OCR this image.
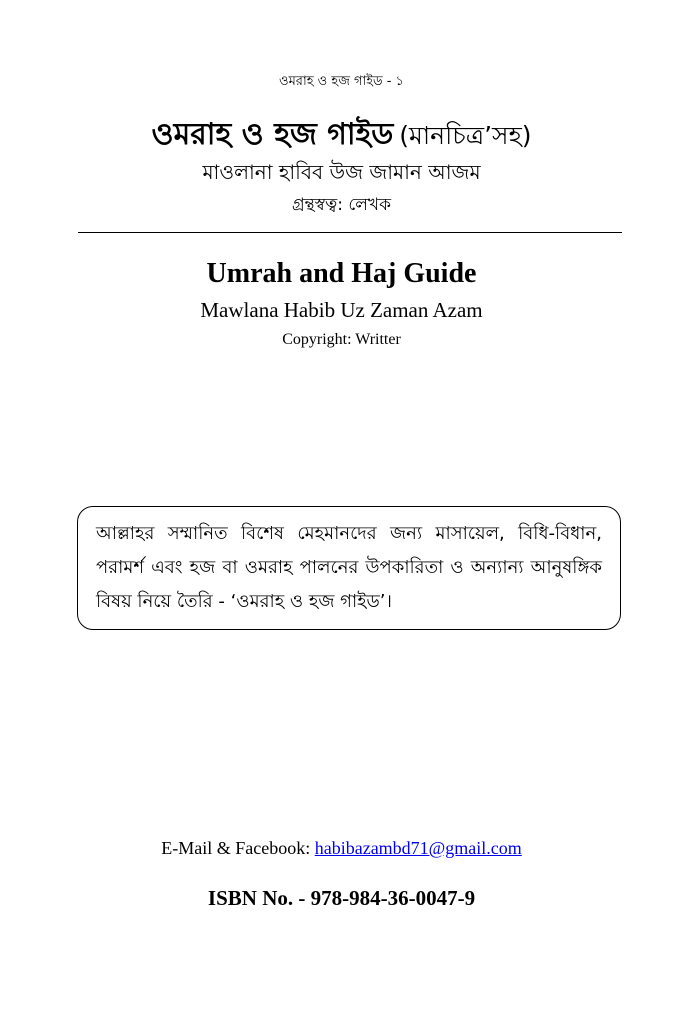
ওমরাহ ও হজ গাইড - ১
ওমরাহ ও হজ গাইড (মানচিত্র’সহ)
মাওলানা হাবিব উজ জামান আজম
গ্রন্থস্বত্ব: লেখক
Umrah and Haj Guide
Mawlana Habib Uz Zaman Azam
Copyright: Writter

আল্লাহর সম্মানিত বিশেষ মেহমানদের জন্য মাসায়েল, বিধি-বিধান, পরামর্শ এবং হজ বা ওমরাহ পালনের উপকারিতা ও অন্যান্য আনুষঙ্গিক বিষয় নিয়ে তৈরি - ‘ওমরাহ ও হজ গাইড’।

E-Mail & Facebook: habibazambd71@gmail.com
ISBN No. - 978-984-36-0047-9
